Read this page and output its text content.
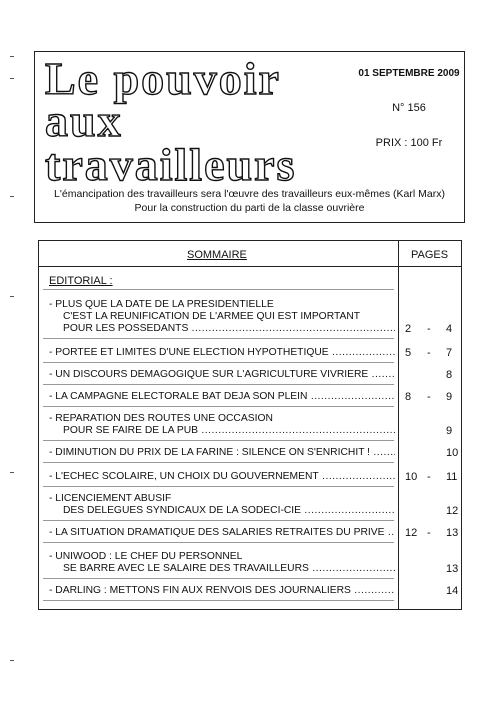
Le pouvoir
aux
travailleurs
01 SEPTEMBRE 2009
N° 156
PRIX : 100 Fr
L'émancipation des travailleurs sera l'œuvre des travailleurs eux-mêmes (Karl Marx)
Pour la construction du parti de la classe ouvrière
SOMMAIRE	PAGES
EDITORIAL :
- PLUS QUE LA DATE DE LA PRESIDENTIELLE
C'EST LA REUNIFICATION DE L'ARMEE QUI EST IMPORTANT
POUR LES POSSEDANTS .....	2 - 4
- PORTEE ET LIMITES D'UNE ELECTION HYPOTHETIQUE .....	5 - 7
- UN DISCOURS DEMAGOGIQUE SUR L'AGRICULTURE VIVRIERE .....	8
- LA CAMPAGNE ELECTORALE BAT DEJA SON PLEIN .....	8 - 9
- REPARATION DES ROUTES UNE OCCASION
POUR SE FAIRE DE LA PUB .....	9
- DIMINUTION DU PRIX DE LA FARINE : SILENCE ON S'ENRICHIT ! .....	10
- L'ECHEC SCOLAIRE, UN CHOIX DU GOUVERNEMENT .....	10 - 11
- LICENCIEMENT ABUSIF
DES DELEGUES SYNDICAUX DE LA SODECI-CIE .....	12
- LA SITUATION DRAMATIQUE DES SALARIES RETRAITES DU PRIVE .....	12 - 13
- UNIWOOD : LE CHEF DU PERSONNEL
SE BARRE AVEC LE SALAIRE DES TRAVAILLEURS .....	13
- DARLING : METTONS FIN AUX RENVOIS DES JOURNALIERS .....	14
